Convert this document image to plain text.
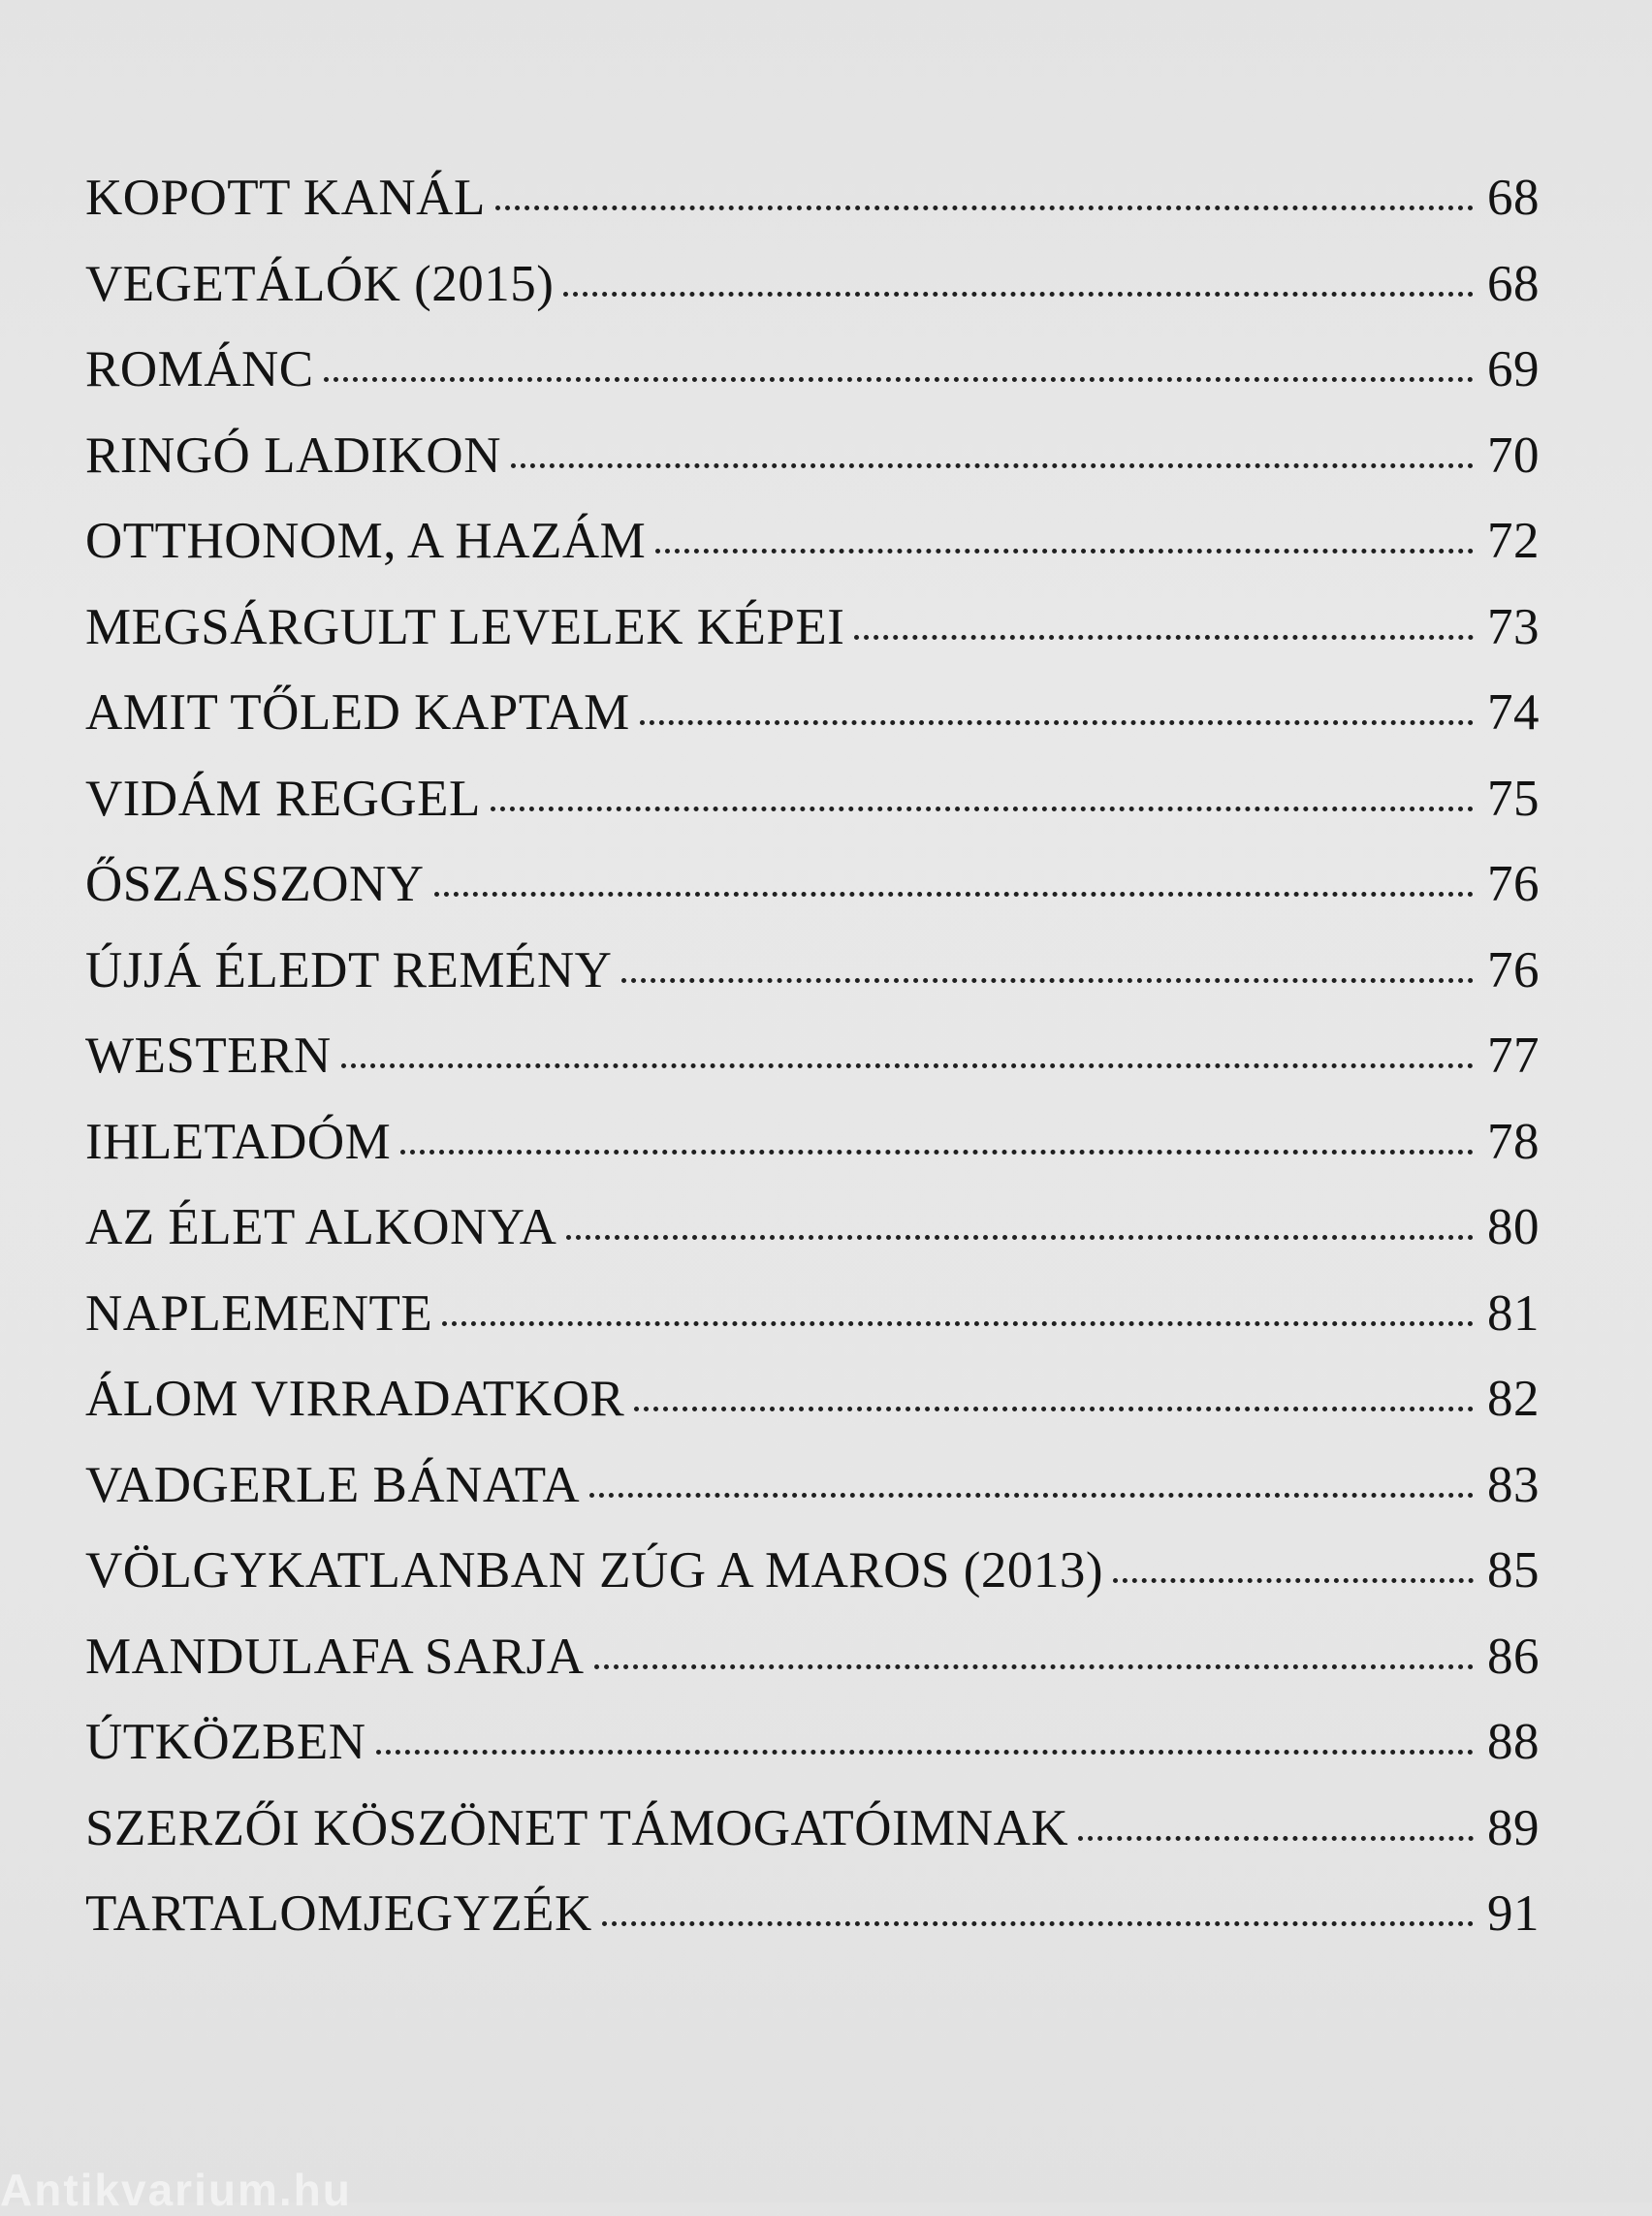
KOPOTT KANÁL	68
VEGETÁLÓK (2015)	68
ROMÁNC	69
RINGÓ LADIKON	70
OTTHONOM, A HAZÁM	72
MEGSÁRGULT LEVELEK KÉPEI	73
AMIT TŐLED KAPTAM	74
VIDÁM REGGEL	75
ŐSZASSZONY	76
ÚJJÁ ÉLEDT REMÉNY	76
WESTERN	77
IHLETADÓM	78
AZ ÉLET ALKONYA	80
NAPLEMENTE	81
ÁLOM VIRRADATKOR	82
VADGERLE BÁNATA	83
VÖLGYKATLANBAN ZÚG A MAROS (2013)	85
MANDULAFA SARJA	86
ÚTKÖZBEN	88
SZERZŐI KÖSZÖNET TÁMOGATÓIMNAK	89
TARTALOMJEGYZÉK	91
Antikvarium.hu
